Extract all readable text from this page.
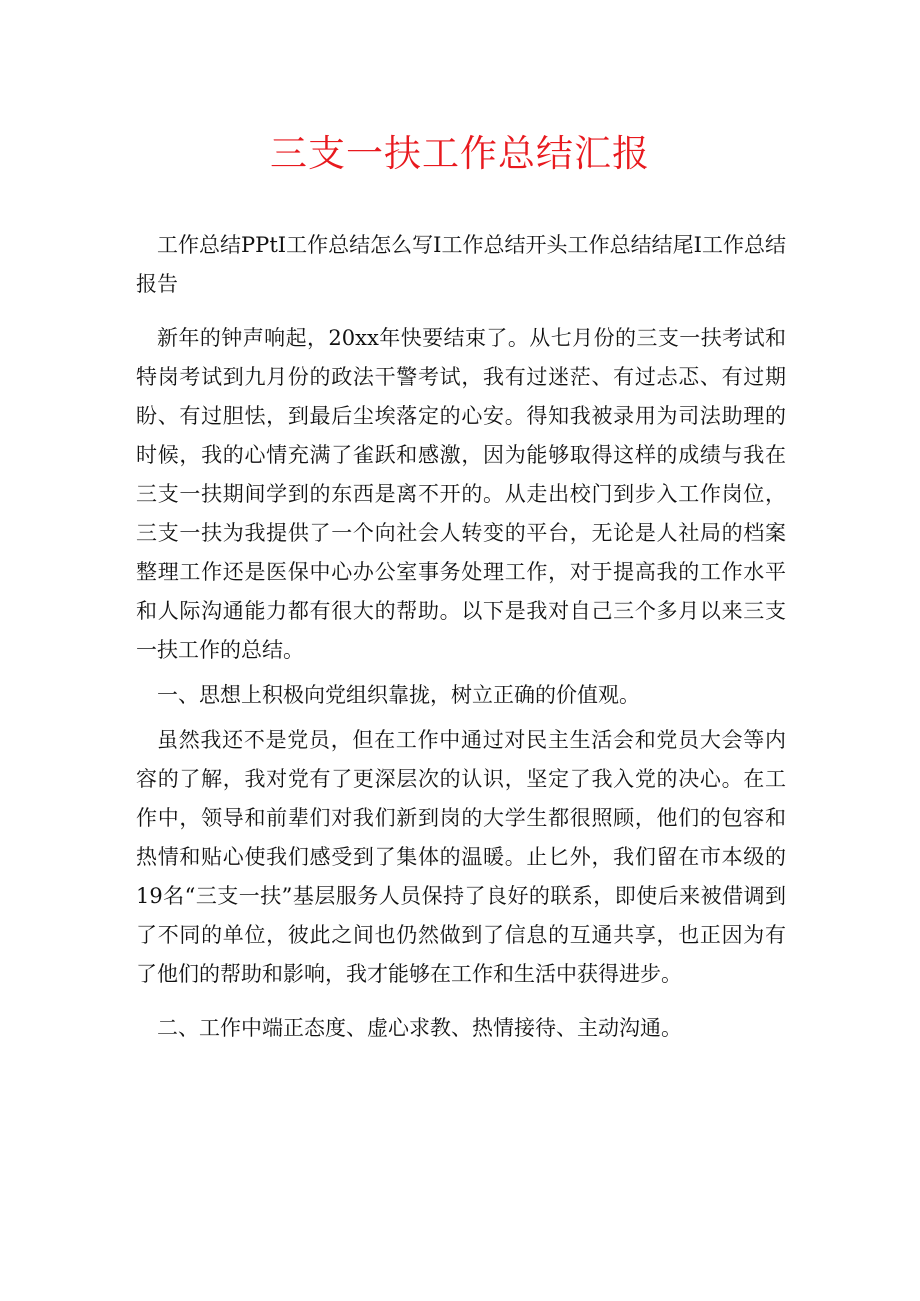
三支一扶工作总结汇报

工作总结PPtI工作总结怎么写I工作总结开头工作总结结尾I工作总结报告

新年的钟声响起，20xx年快要结束了。从七月份的三支一扶考试和特岗考试到九月份的政法干警考试，我有过迷茫、有过忐忑、有过期盼、有过胆怯，到最后尘埃落定的心安。得知我被录用为司法助理的时候，我的心情充满了雀跃和感激，因为能够取得这样的成绩与我在三支一扶期间学到的东西是离不开的。从走出校门到步入工作岗位，三支一扶为我提供了一个向社会人转变的平台，无论是人社局的档案整理工作还是医保中心办公室事务处理工作，对于提高我的工作水平和人际沟通能力都有很大的帮助。以下是我对自己三个多月以来三支一扶工作的总结。

一、思想上积极向党组织靠拢，树立正确的价值观。

虽然我还不是党员，但在工作中通过对民主生活会和党员大会等内容的了解，我对党有了更深层次的认识，坚定了我入党的决心。在工作中，领导和前辈们对我们新到岗的大学生都很照顾，他们的包容和热情和贴心使我们感受到了集体的温暖。止匕外，我们留在市本级的19名“三支一扶”基层服务人员保持了良好的联系，即使后来被借调到了不同的单位，彼此之间也仍然做到了信息的互通共享，也正因为有了他们的帮助和影响，我才能够在工作和生活中获得进步。

二、工作中端正态度、虚心求教、热情接待、主动沟通。
